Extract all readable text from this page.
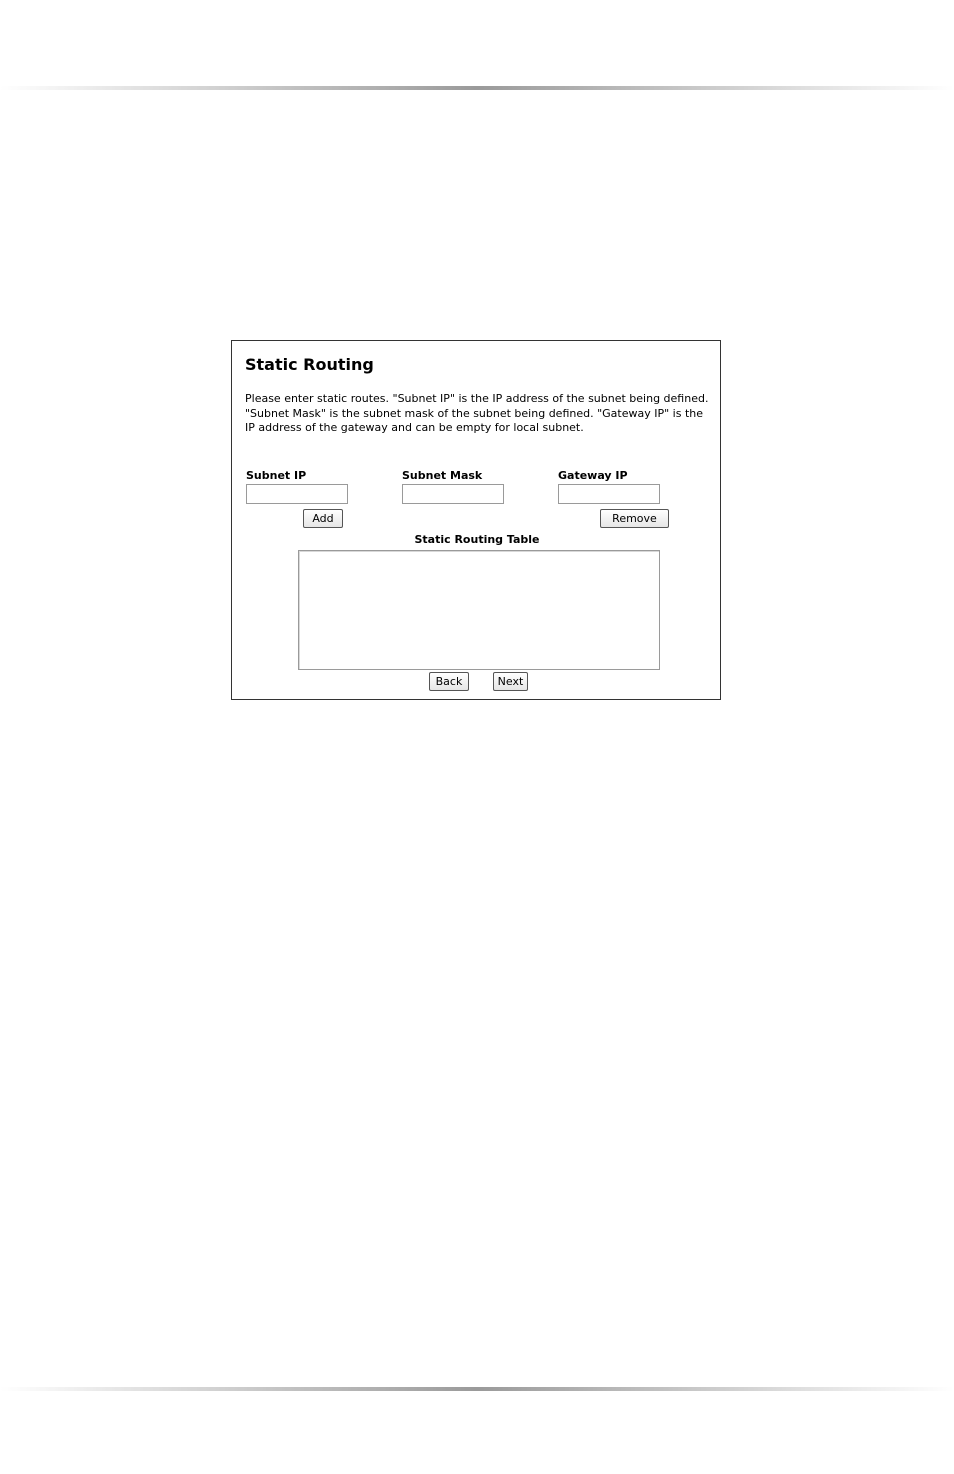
Static Routing

Please enter static routes. "Subnet IP" is the IP address of the subnet being defined. "Subnet Mask" is the subnet mask of the subnet being defined. "Gateway IP" is the IP address of the gateway and can be empty for local subnet.

Subnet IP	Subnet Mask	Gateway IP
Add	Remove
Static Routing Table
Back	Next
